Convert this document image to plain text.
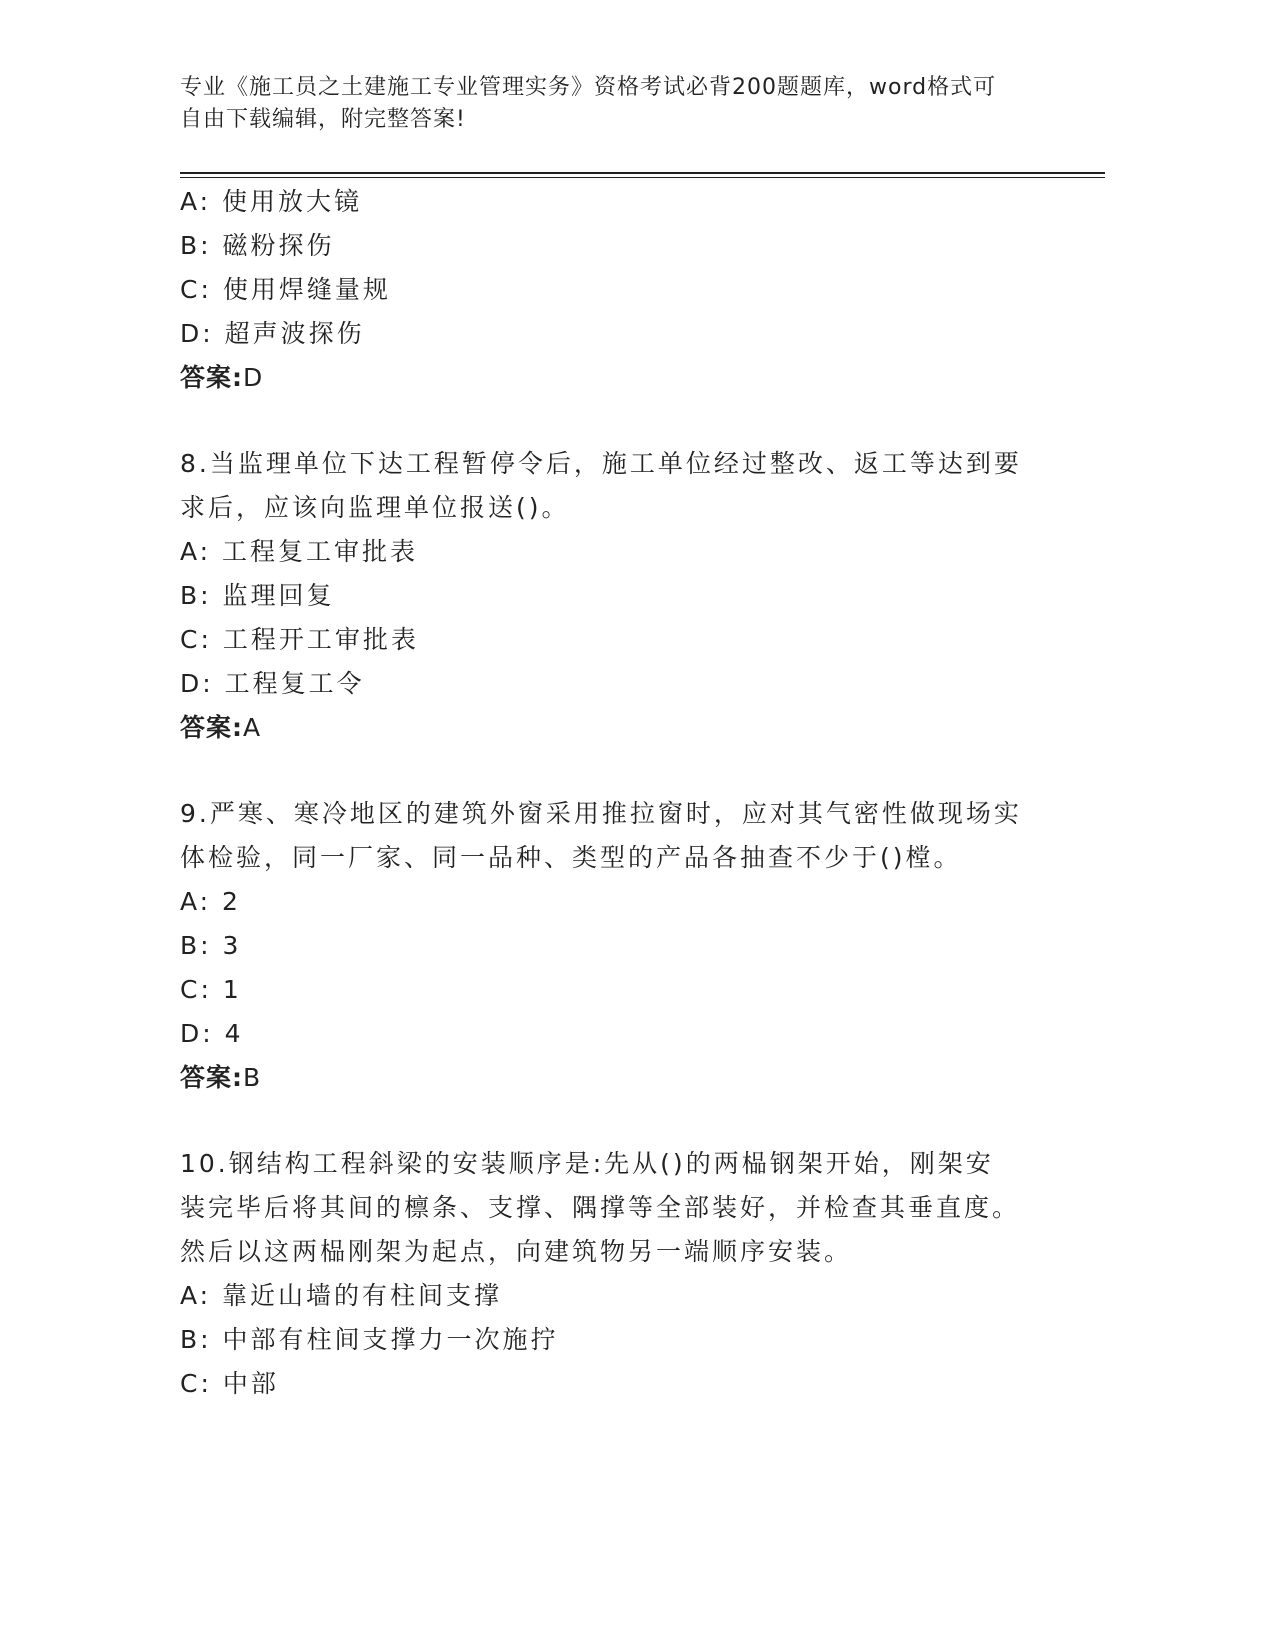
专业《施工员之土建施工专业管理实务》资格考试必背200题题库，word格式可
自由下载编辑，附完整答案!
A: 使用放大镜
B: 磁粉探伤
C: 使用焊缝量规
D: 超声波探伤
答案:D
8.当监理单位下达工程暂停令后，施工单位经过整改、返工等达到要
求后，应该向监理单位报送()。
A: 工程复工审批表
B: 监理回复
C: 工程开工审批表
D: 工程复工令
答案:A
9.严寒、寒冷地区的建筑外窗采用推拉窗时，应对其气密性做现场实
体检验，同一厂家、同一品种、类型的产品各抽查不少于()樘。
A: 2
B: 3
C: 1
D: 4
答案:B
10.钢结构工程斜梁的安装顺序是:先从()的两榀钢架开始，刚架安
装完毕后将其间的檩条、支撑、隅撑等全部装好，并检查其垂直度。
然后以这两榀刚架为起点，向建筑物另一端顺序安装。
A: 靠近山墙的有柱间支撑
B: 中部有柱间支撑力一次施拧
C: 中部
